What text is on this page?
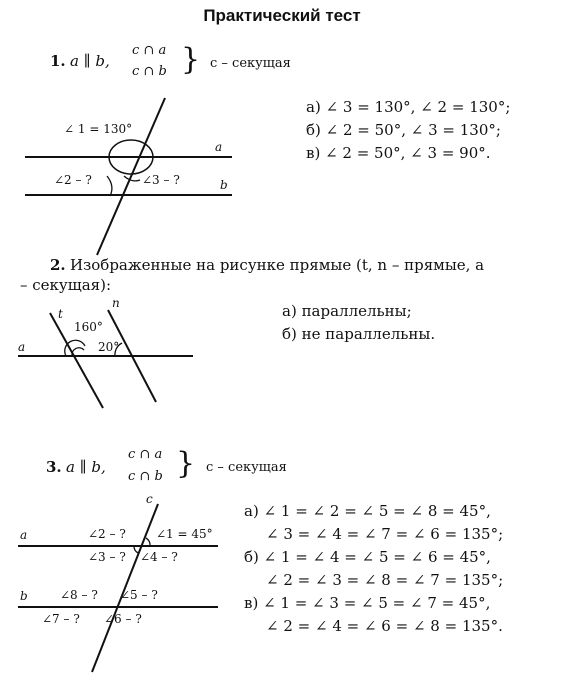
Практический тест
1. a ∥ b,
c ∩ a
c ∩ b } c – секущая
∠ 1 = 130°
∠2 – ?	∠3 – ?
a
b
а) ∠ 3 = 130°, ∠ 2 = 130°;
б) ∠ 2 = 50°, ∠ 3 = 130°;
в) ∠ 2 = 50°, ∠ 3 = 90°.
2. Изображенные на рисунке прямые (t, n – прямые, a
– секущая):
t
n
a
160°
20°
а) параллельны;
б) не параллельны.
3. a ∥ b,
c ∩ a
c ∩ b } c – секущая
c
a
b
∠2 – ?	∠1 = 45°
∠3 – ? ∠4 – ?
∠8 – ? ∠5 – ?
∠7 – ? ∠6 – ?
а) ∠ 1 = ∠ 2 = ∠ 5 = ∠ 8 = 45°,
∠ 3 = ∠ 4 = ∠ 7 = ∠ 6 = 135°;
б) ∠ 1 = ∠ 4 = ∠ 5 = ∠ 6 = 45°,
∠ 2 = ∠ 3 = ∠ 8 = ∠ 7 = 135°;
в) ∠ 1 = ∠ 3 = ∠ 5 = ∠ 7 = 45°,
∠ 2 = ∠ 4 = ∠ 6 = ∠ 8 = 135°.
